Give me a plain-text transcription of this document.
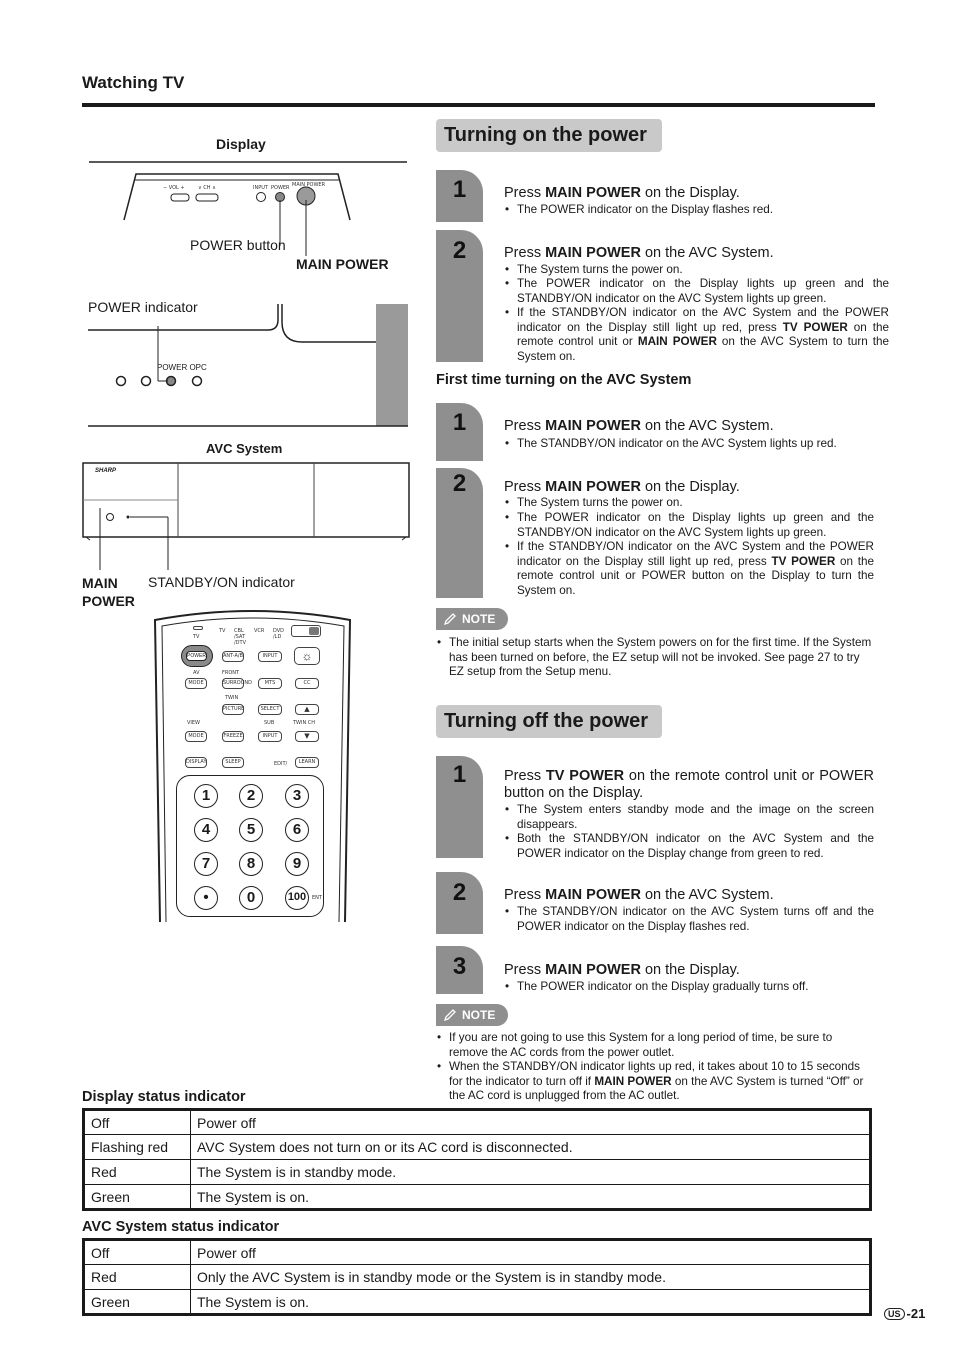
Watching TV
Display
− VOL +	∨ CH ∧	INPUT POWER MAIN POWER
POWER button
MAIN POWER
POWER indicator
POWER OPC
AVC System
SHARP
MAIN
POWER
STANDBY/ON indicator
TV
TV CBL
/SAT
/DTV
VCR DVD
/LD
POWER	ANT-A/B	INPUT	☼
AV	FRONT
MODE	SURROUND	MTS	CC
TWIN
PICTURE	SELECT	▲
VIEW	SUB	TWIN CH
MODE	FREEZE	INPUT	▼
DISPLAY	SLEEP	EDIT/	LEARN
1	2	3
4	5	6
7	8	9
•	0	100	ENT
Turning on the power
1	Press MAIN POWER on the Display.
• The POWER indicator on the Display flashes red.
2	Press MAIN POWER on the AVC System.
• The System turns the power on.
• The POWER indicator on the Display lights up green and the STANDBY/ON indicator on the AVC System lights up green.
• If the STANDBY/ON indicator on the AVC System and the POWER indicator on the Display still light up red, press TV POWER on the remote control unit or MAIN POWER on the AVC System to turn the System on.
First time turning on the AVC System
1	Press MAIN POWER on the AVC System.
• The STANDBY/ON indicator on the AVC System lights up red.
2	Press MAIN POWER on the Display.
• The System turns the power on.
• The POWER indicator on the Display lights up green and the STANDBY/ON indicator on the AVC System lights up green.
• If the STANDBY/ON indicator on the AVC System and the POWER indicator on the Display still light up red, press TV POWER on the remote control unit or POWER button on the Display to turn the System on.
NOTE
• The initial setup starts when the System powers on for the first time. If the System has been turned on before, the EZ setup will not be invoked. See page 27 to try EZ setup from the Setup menu.
Turning off the power
1	Press TV POWER on the remote control unit or POWER button on the Display.
• The System enters standby mode and the image on the screen disappears.
• Both the STANDBY/ON indicator on the AVC System and the POWER indicator on the Display change from green to red.
2	Press MAIN POWER on the AVC System.
• The STANDBY/ON indicator on the AVC System turns off and the POWER indicator on the Display flashes red.
3	Press MAIN POWER on the Display.
• The POWER indicator on the Display gradually turns off.
NOTE
• If you are not going to use this System for a long period of time, be sure to remove the AC cords from the power outlet.
• When the STANDBY/ON indicator lights up red, it takes about 10 to 15 seconds for the indicator to turn off if MAIN POWER on the AVC System is turned “Off” or the AC cord is unplugged from the AC outlet.
Display status indicator
Off	Power off
Flashing red	AVC System does not turn on or its AC cord is disconnected.
Red	The System is in standby mode.
Green	The System is on.
AVC System status indicator
Off	Power off
Red	Only the AVC System is in standby mode or the System is in standby mode.
Green	The System is on.
US -21
